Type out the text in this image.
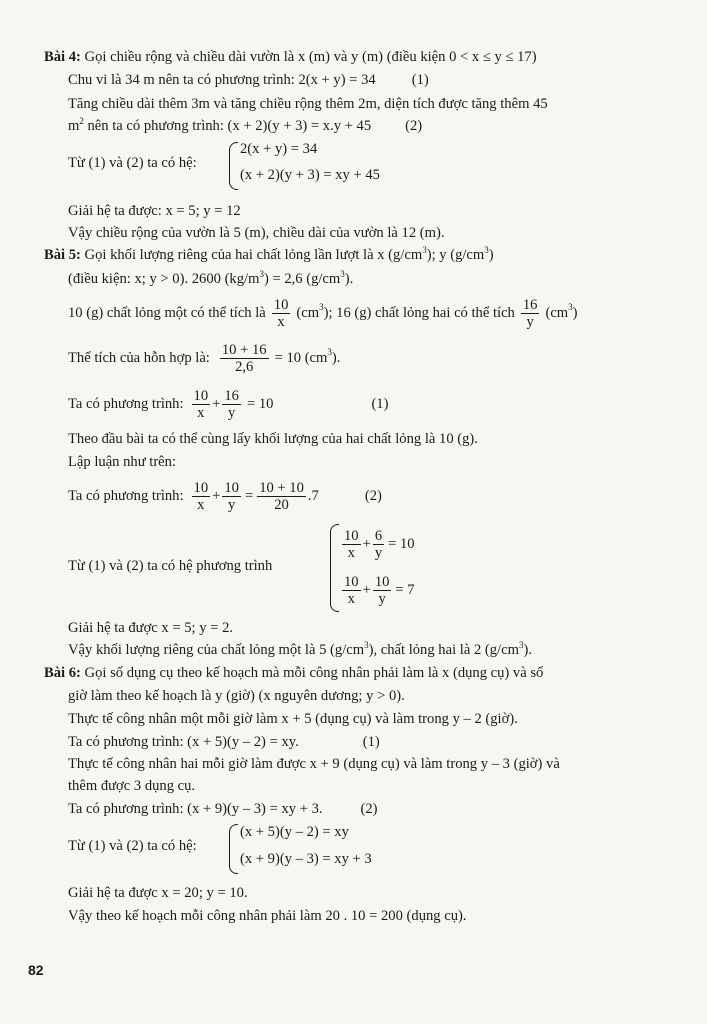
Bài 4: Gọi chiều rộng và chiều dài vườn là x (m) và y (m) (điều kiện 0 < x ≤ y ≤ 17)
Chu vi là 34 m nên ta có phương trình: 2(x + y) = 34 (1)
Tăng chiều dài thêm 3m và tăng chiều rộng thêm 2m, diện tích được tăng thêm 45
$m^2$ nên ta có phương trình: (x + 2)(y + 3) = x.y + 45 (2)
Từ (1) và (2) ta có hệ:
2(x + y) = 34
(x + 2)(y + 3) = xy + 45
Giải hệ ta được: x = 5; y = 12
Vậy chiều rộng của vườn là 5 (m), chiều dài của vườn là 12 (m).
Bài 5: Gọi khối lượng riêng của hai chất lỏng lần lượt là x $(g/cm^3)$; y $(g/cm^3)$
(điều kiện: x; y > 0). 2600 $(kg/m^3) = 2,6$ $(g/cm^3)$.
10 (g) chất lỏng một có thể tích là $\frac{10}{x} (cm$ 3 ); 16 (g) chất lỏng hai có thể tích $\frac{16}{y} (cm$ 3 )
Thể tích của hỗn hợp là: $\frac{10 + 16}{2,6} = 10$ (cm 3 ).
Ta có phương trình: $\frac{10}{x} + \frac{16}{y} = 10$	(1)
Theo đầu bài ta có thể cùng lấy khối lượng của hai chất lỏng là 10 (g).
Lập luận như trên:
Ta có phương trình: $\frac{10}{x} + \frac{10}{y} = \frac{10 + 10}{20} .7$	(2)
Từ (1) và (2) ta có hệ phương trình
$\frac{10}{x} + \frac{6}{y} = 10$
$\frac{10}{x} + \frac{10}{y} = 7$
Giải hệ ta được x = 5; y = 2.
Vậy khối lượng riêng của chất lỏng một là 5 $(g/cm^3)$, chất lỏng hai là 2 $(g/cm^3)$.
Bài 6: Gọi số dụng cụ theo kế hoạch mà mỗi công nhân phải làm là x (dụng cụ) và số
giờ làm theo kế hoạch là y (giờ) (x nguyên dương; y > 0).
Thực tế công nhân một mỗi giờ làm x + 5 (dụng cụ) và làm trong y – 2 (giờ).
Ta có phương trình: (x + 5)(y – 2) = xy.	(1)
Thực tế công nhân hai mỗi giờ làm được x + 9 (dụng cụ) và làm trong y – 3 (giờ) và
thêm được 3 dụng cụ.
Ta có phương trình: (x + 9)(y – 3) = xy + 3.	(2)
Từ (1) và (2) ta có hệ:
(x + 5)(y – 2) = xy
(x + 9)(y – 3) = xy + 3
Giải hệ ta được x = 20; y = 10.
Vậy theo kế hoạch mỗi công nhân phải làm 20 . 10 = 200 (dụng cụ).
82
